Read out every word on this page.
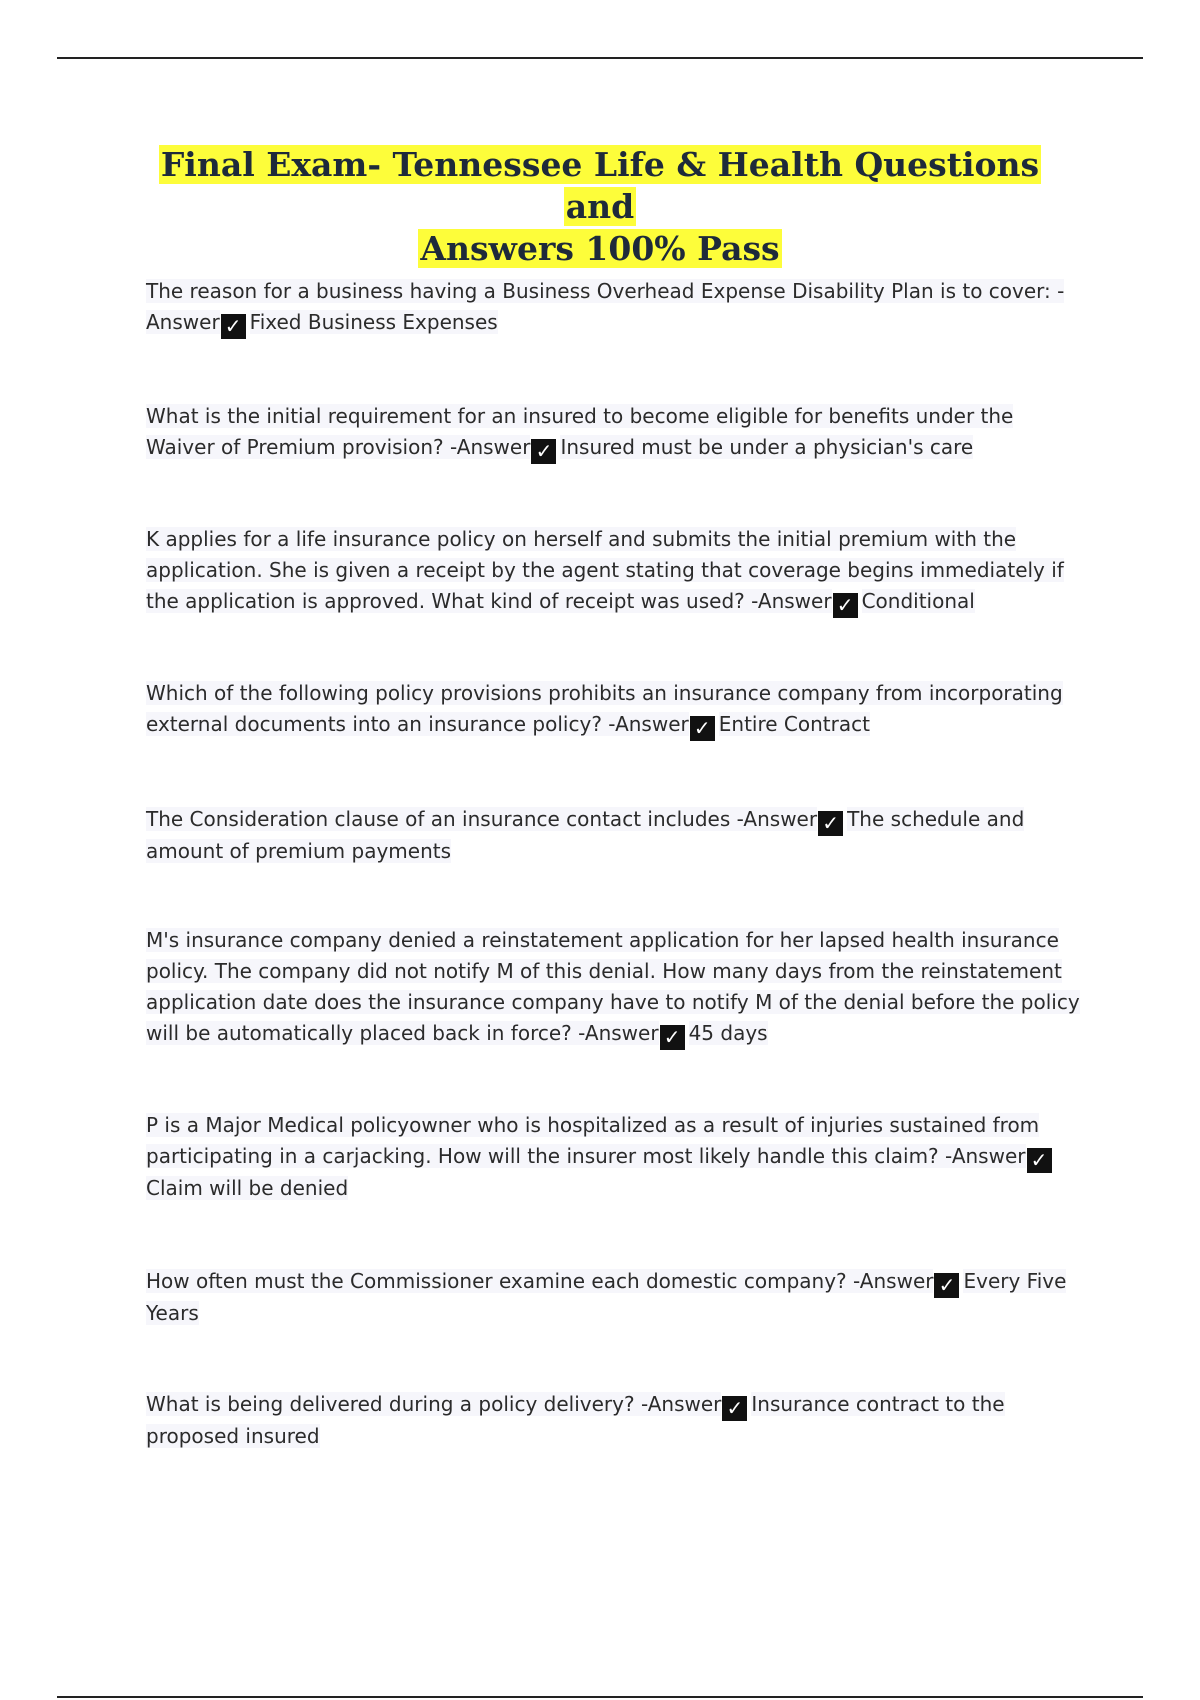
Final Exam- Tennessee Life & Health Questions and
Answers 100% Pass
The reason for a business having a Business Overhead Expense Disability Plan is to cover: -Answer ✓ Fixed Business Expenses
What is the initial requirement for an insured to become eligible for benefits under the Waiver of Premium provision? -Answer ✓ Insured must be under a physician's care
K applies for a life insurance policy on herself and submits the initial premium with the application. She is given a receipt by the agent stating that coverage begins immediately if the application is approved. What kind of receipt was used? -Answer ✓ Conditional
Which of the following policy provisions prohibits an insurance company from incorporating external documents into an insurance policy? -Answer ✓ Entire Contract
The Consideration clause of an insurance contact includes -Answer ✓ The schedule and amount of premium payments
M's insurance company denied a reinstatement application for her lapsed health insurance policy. The company did not notify M of this denial. How many days from the reinstatement application date does the insurance company have to notify M of the denial before the policy will be automatically placed back in force? -Answer ✓ 45 days
P is a Major Medical policyowner who is hospitalized as a result of injuries sustained from participating in a carjacking. How will the insurer most likely handle this claim? -Answer ✓Claim will be denied
How often must the Commissioner examine each domestic company? -Answer ✓ Every Five Years
What is being delivered during a policy delivery? -Answer ✓ Insurance contract to the proposed insured
